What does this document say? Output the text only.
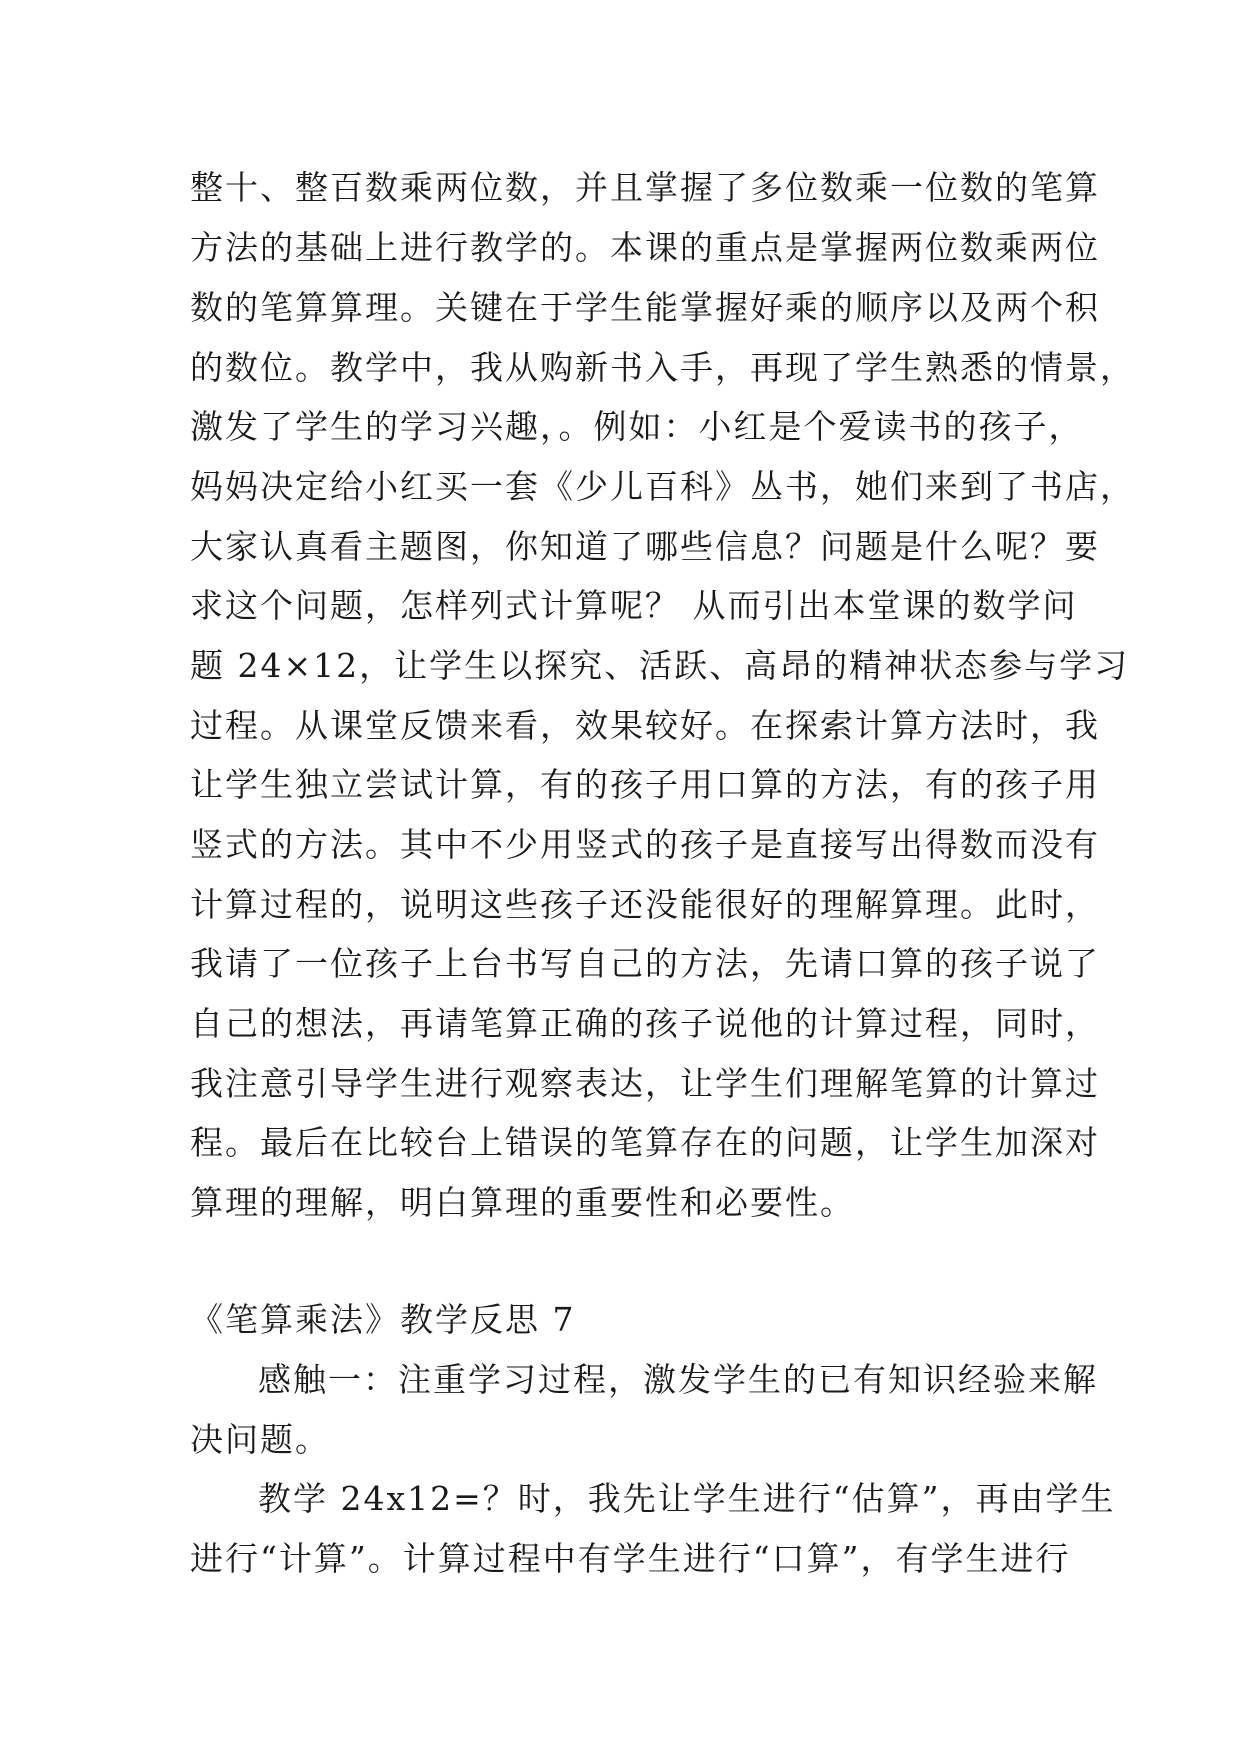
整十、整百数乘两位数，并且掌握了多位数乘一位数的笔算
方法的基础上进行教学的。本课的重点是掌握两位数乘两位
数的笔算算理。关键在于学生能掌握好乘的顺序以及两个积
的数位。教学中，我从购新书入手，再现了学生熟悉的情景，
激发了学生的学习兴趣，。例如：小红是个爱读书的孩子，
妈妈决定给小红买一套《少儿百科》丛书，她们来到了书店，
大家认真看主题图，你知道了哪些信息？问题是什么呢？要
求这个问题，怎样列式计算呢？ 从而引出本堂课的数学问
题 24×12，让学生以探究、活跃、高昂的精神状态参与学习
过程。从课堂反馈来看，效果较好。在探索计算方法时，我
让学生独立尝试计算，有的孩子用口算的方法，有的孩子用
竖式的方法。其中不少用竖式的孩子是直接写出得数而没有
计算过程的，说明这些孩子还没能很好的理解算理。此时，
我请了一位孩子上台书写自己的方法，先请口算的孩子说了
自己的想法，再请笔算正确的孩子说他的计算过程，同时，
我注意引导学生进行观察表达，让学生们理解笔算的计算过
程。最后在比较台上错误的笔算存在的问题，让学生加深对
算理的理解，明白算理的重要性和必要性。
《笔算乘法》教学反思 7
感触一：注重学习过程，激发学生的已有知识经验来解
决问题。
教学 24x12=？时，我先让学生进行“估算”，再由学生
进行“计算”。计算过程中有学生进行“口算”，有学生进行
